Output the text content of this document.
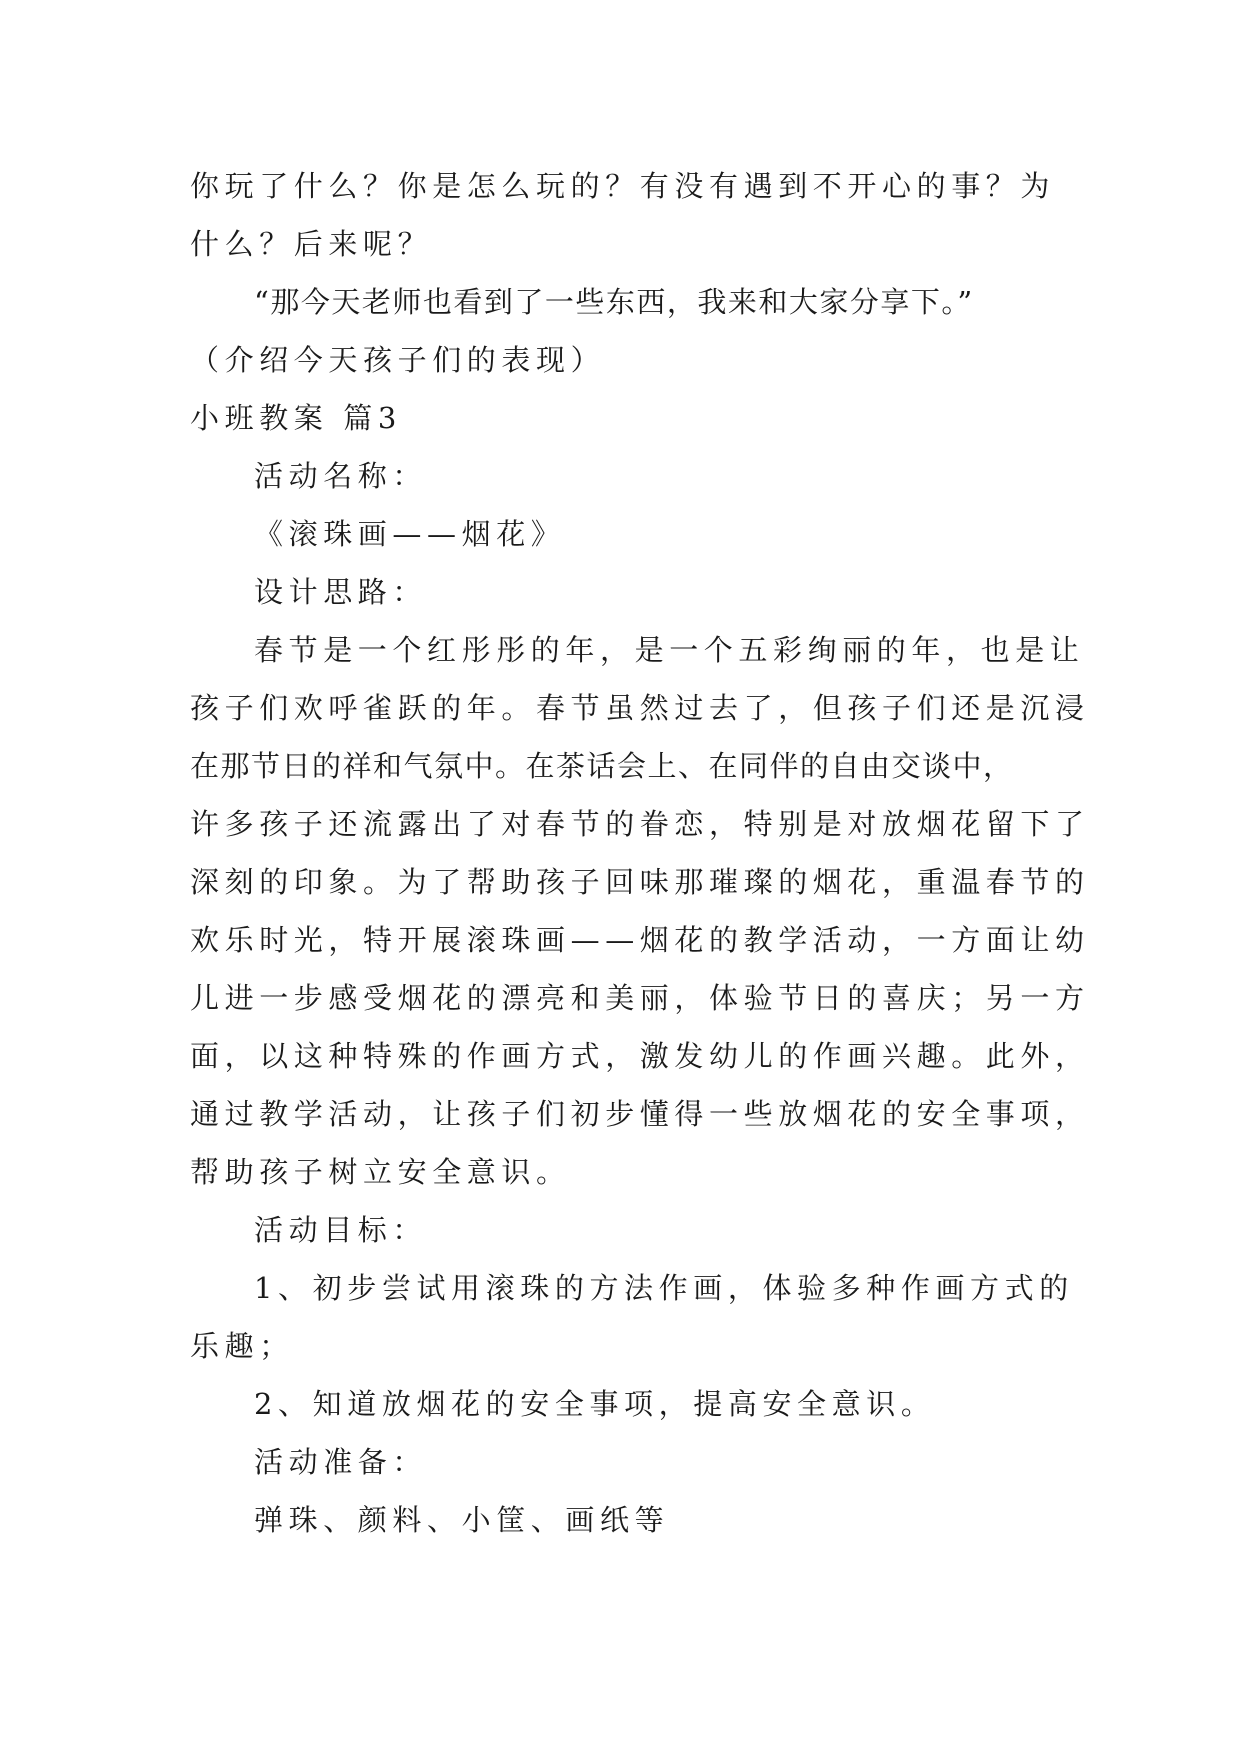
你玩了什么？你是怎么玩的？有没有遇到不开心的事？为

什么？后来呢？

“那今天老师也看到了一些东西，我来和大家分享下。”

（介绍今天孩子们的表现）

小班教案 篇3

活动名称：

《滚珠画——烟花》

设计思路：

春节是一个红彤彤的年，是一个五彩绚丽的年，也是让

孩子们欢呼雀跃的年。春节虽然过去了，但孩子们还是沉浸

在那节日的祥和气氛中。在茶话会上、在同伴的自由交谈中，

许多孩子还流露出了对春节的眷恋，特别是对放烟花留下了

深刻的印象。为了帮助孩子回味那璀璨的烟花，重温春节的

欢乐时光，特开展滚珠画——烟花的教学活动，一方面让幼

儿进一步感受烟花的漂亮和美丽，体验节日的喜庆；另一方

面，以这种特殊的作画方式，激发幼儿的作画兴趣。此外，

通过教学活动，让孩子们初步懂得一些放烟花的安全事项，

帮助孩子树立安全意识。

活动目标：

1、初步尝试用滚珠的方法作画，体验多种作画方式的

乐趣；

2、知道放烟花的安全事项，提高安全意识。

活动准备：

弹珠、颜料、小筐、画纸等
